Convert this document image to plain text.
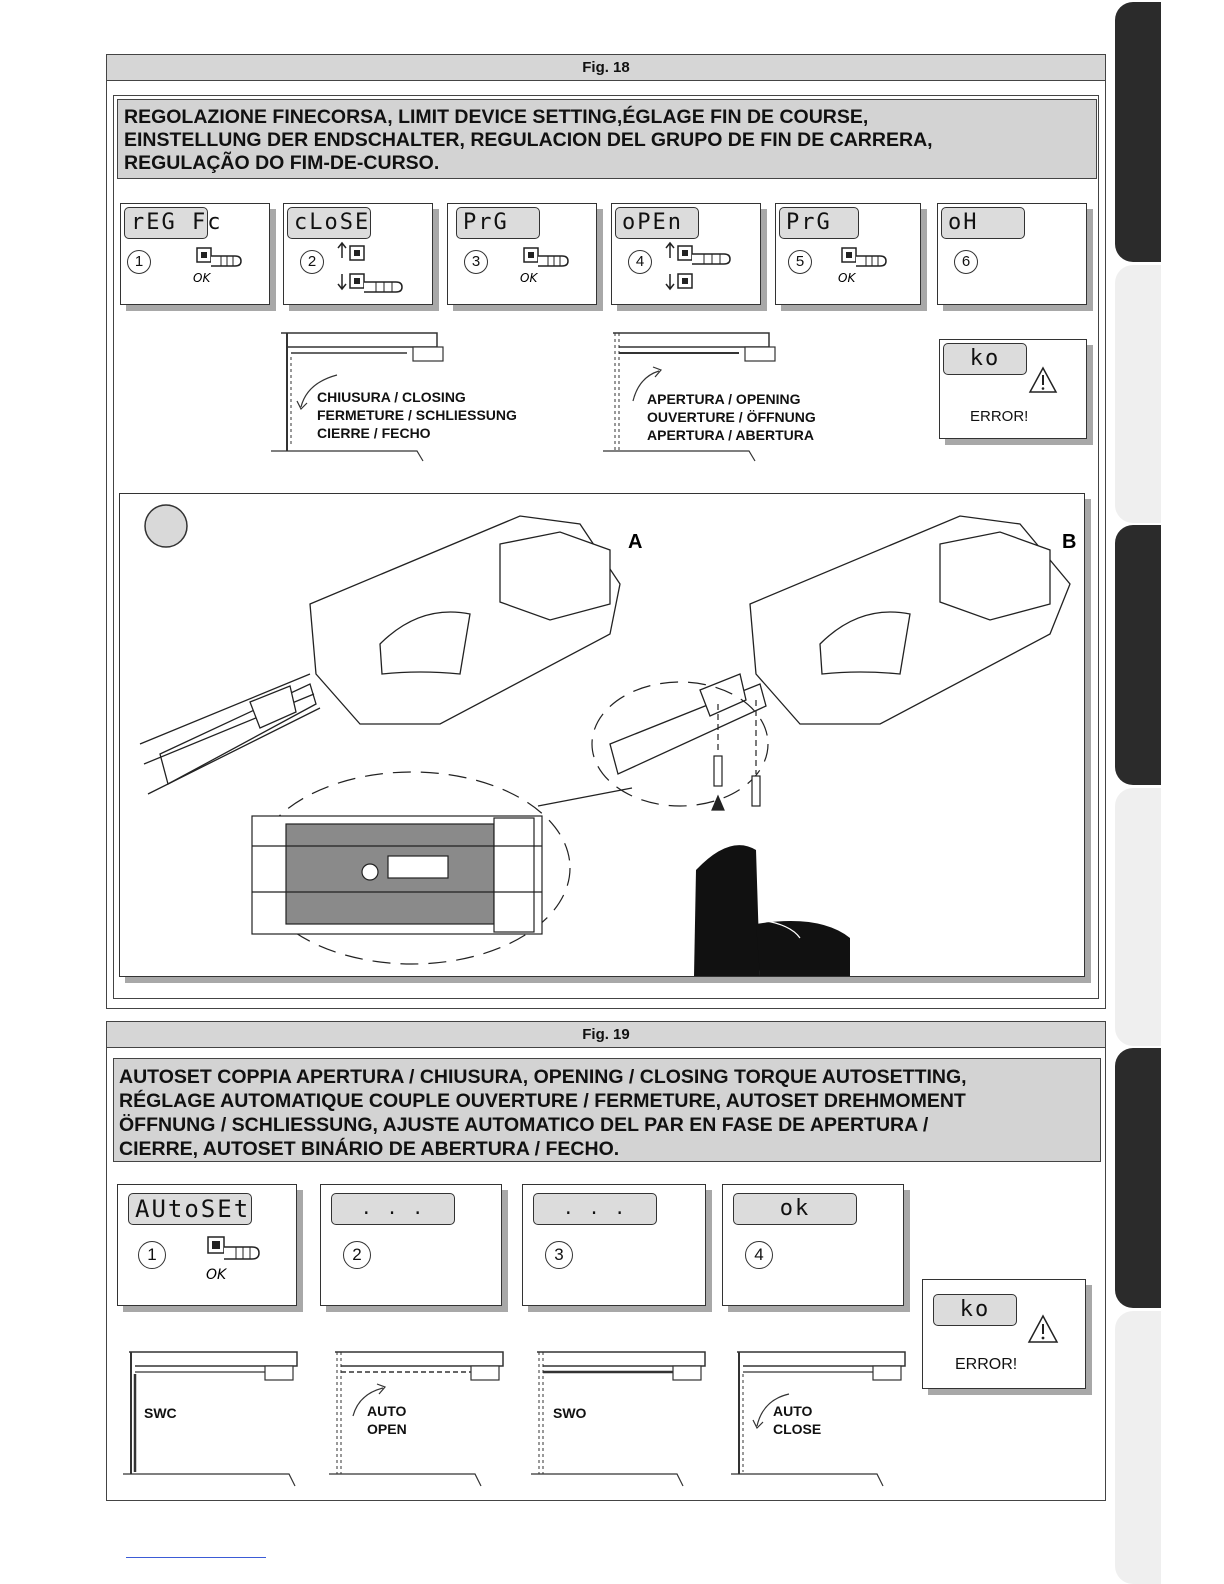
Fig. 18
REGOLAZIONE FINECORSA, LIMIT DEVICE SETTING,ÉGLAGE FIN DE COURSE,
EINSTELLUNG DER ENDSCHALTER, REGULACION DEL GRUPO DE FIN DE CARRERA,
REGULAÇÃO DO FIM-DE-CURSO.
rEG Fc
1
OK
cLoSE
2
PrG
3
OK
oPEn
4
PrG
5
OK
oH
6
CHIUSURA / CLOSING
FERMETURE / SCHLIESSUNG
CIERRE / FECHO
APERTURA / OPENING
OUVERTURE / ÖFFNUNG
APERTURA / ABERTURA
ko
ERROR!
A	B
Fig. 19
AUTOSET COPPIA APERTURA / CHIUSURA, OPENING / CLOSING TORQUE AUTOSETTING,
RÉGLAGE AUTOMATIQUE COUPLE OUVERTURE / FERMETURE, AUTOSET DREHMOMENT
ÖFFNUNG / SCHLIESSUNG, AJUSTE AUTOMATICO DEL PAR EN FASE DE APERTURA /
CIERRE, AUTOSET BINÁRIO DE ABERTURA / FECHO.
AUtoSEt
1
OK
. . .
2
. . .
3
ok
4
ko
ERROR!
SWC	AUTO
OPEN
SWO	AUTO
CLOSE
